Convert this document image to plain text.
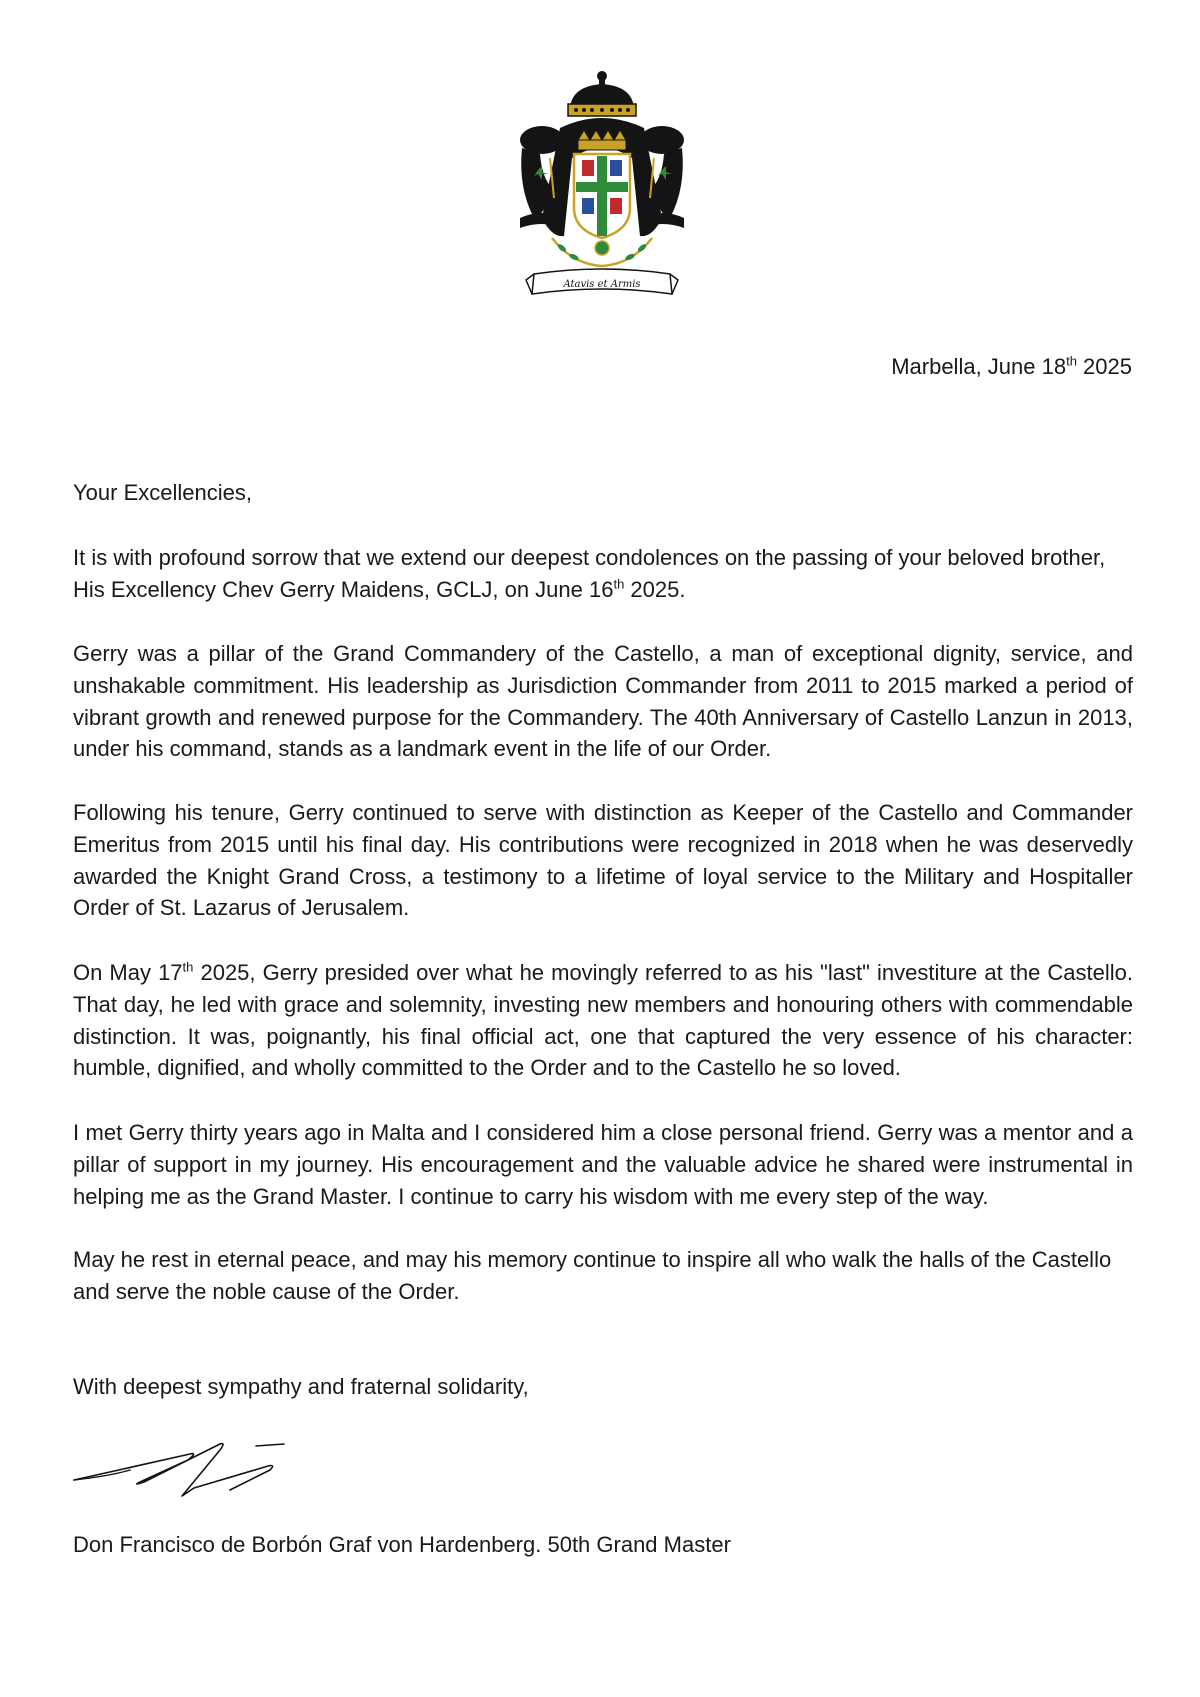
Atavis et Armis
Marbella, June 18th 2025
Your Excellencies,
It is with profound sorrow that we extend our deepest condolences on the passing of your beloved brother, His Excellency Chev Gerry Maidens, GCLJ, on June 16th 2025.
Gerry was a pillar of the Grand Commandery of the Castello, a man of exceptional dignity, service, and unshakable commitment. His leadership as Jurisdiction Commander from 2011 to 2015 marked a period of vibrant growth and renewed purpose for the Commandery. The 40th Anniversary of Castello Lanzun in 2013, under his command, stands as a landmark event in the life of our Order.
Following his tenure, Gerry continued to serve with distinction as Keeper of the Castello and Commander Emeritus from 2015 until his final day. His contributions were recognized in 2018 when he was deservedly awarded the Knight Grand Cross, a testimony to a lifetime of loyal service to the Military and Hospitaller Order of St. Lazarus of Jerusalem.
On May 17th 2025, Gerry presided over what he movingly referred to as his "last" investiture at the Castello. That day, he led with grace and solemnity, investing new members and honouring others with commendable distinction. It was, poignantly, his final official act, one that captured the very essence of his character: humble, dignified, and wholly committed to the Order and to the Castello he so loved.
I met Gerry thirty years ago in Malta and I considered him a close personal friend. Gerry was a mentor and a pillar of support in my journey. His encouragement and the valuable advice he shared were instrumental in helping me as the Grand Master. I continue to carry his wisdom with me every step of the way.
May he rest in eternal peace, and may his memory continue to inspire all who walk the halls of the Castello and serve the noble cause of the Order.
With deepest sympathy and fraternal solidarity,
Don Francisco de Borbón Graf von Hardenberg. 50th Grand Master
